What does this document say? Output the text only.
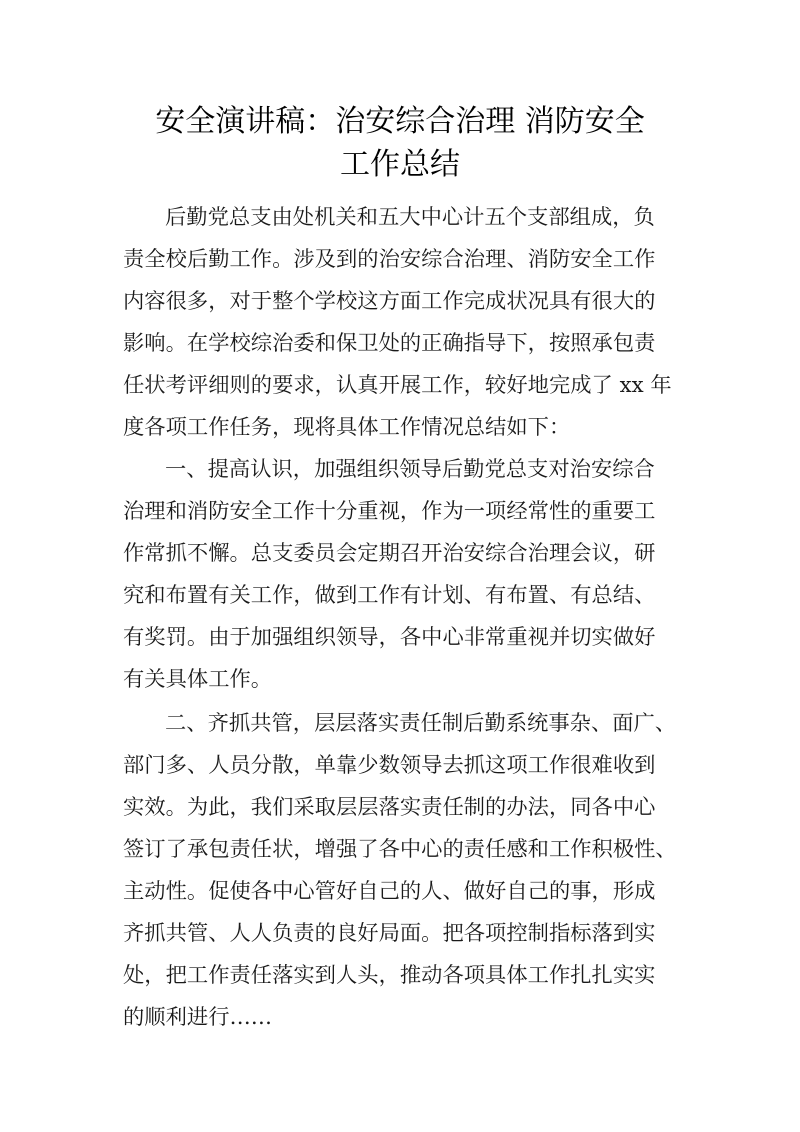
安全演讲稿：治安综合治理 消防安全
工作总结
后勤党总支由处机关和五大中心计五个支部组成，负
责全校后勤工作。涉及到的治安综合治理、消防安全工作
内容很多，对于整个学校这方面工作完成状况具有很大的
影响。在学校综治委和保卫处的正确指导下，按照承包责
任状考评细则的要求，认真开展工作，较好地完成了 xx 年
度各项工作任务，现将具体工作情况总结如下：
一、提高认识，加强组织领导后勤党总支对治安综合
治理和消防安全工作十分重视，作为一项经常性的重要工
作常抓不懈。总支委员会定期召开治安综合治理会议，研
究和布置有关工作，做到工作有计划、有布置、有总结、
有奖罚。由于加强组织领导，各中心非常重视并切实做好
有关具体工作。
二、齐抓共管，层层落实责任制后勤系统事杂、面广、
部门多、人员分散，单靠少数领导去抓这项工作很难收到
实效。为此，我们采取层层落实责任制的办法，同各中心
签订了承包责任状，增强了各中心的责任感和工作积极性、
主动性。促使各中心管好自己的人、做好自己的事，形成
齐抓共管、人人负责的良好局面。把各项控制指标落到实
处，把工作责任落实到人头，推动各项具体工作扎扎实实
的顺利进行……
